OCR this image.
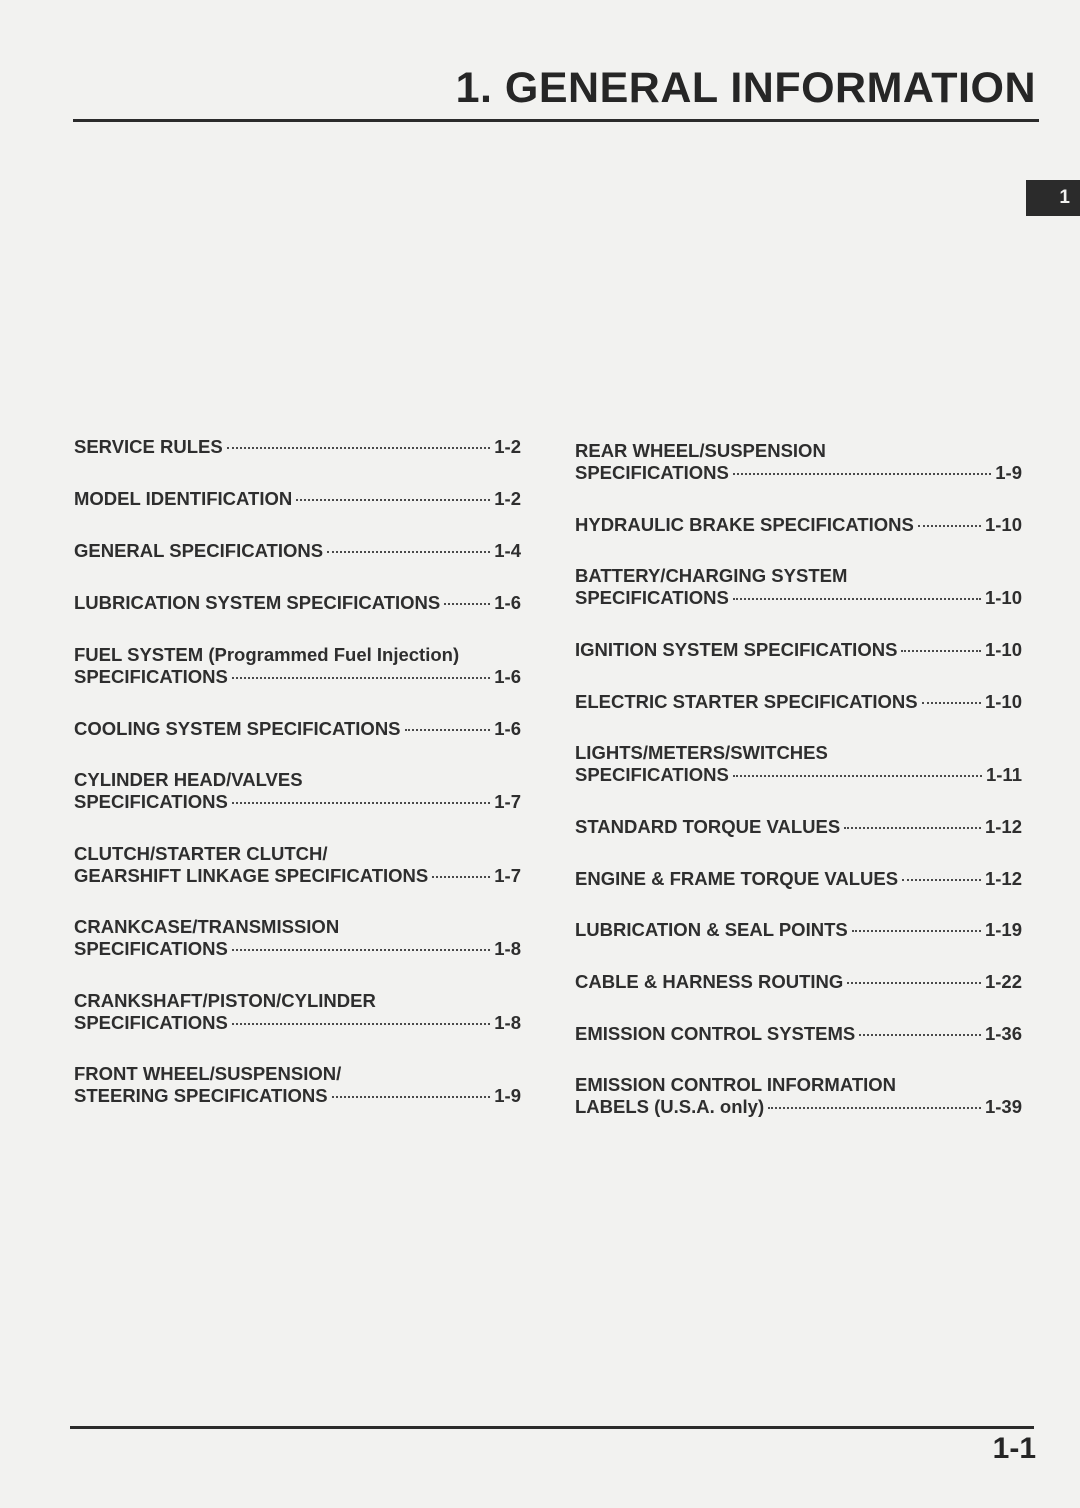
1. GENERAL INFORMATION
1
SERVICE RULES	1-2
MODEL IDENTIFICATION	1-2
GENERAL SPECIFICATIONS	1-4
LUBRICATION SYSTEM SPECIFICATIONS	1-6
FUEL SYSTEM (Programmed Fuel Injection)
SPECIFICATIONS	1-6
COOLING SYSTEM SPECIFICATIONS	1-6
CYLINDER HEAD/VALVES
SPECIFICATIONS	1-7
CLUTCH/STARTER CLUTCH/
GEARSHIFT LINKAGE SPECIFICATIONS	1-7
CRANKCASE/TRANSMISSION
SPECIFICATIONS	1-8
CRANKSHAFT/PISTON/CYLINDER
SPECIFICATIONS	1-8
FRONT WHEEL/SUSPENSION/
STEERING SPECIFICATIONS	1-9
REAR WHEEL/SUSPENSION
SPECIFICATIONS	1-9
HYDRAULIC BRAKE SPECIFICATIONS	1-10
BATTERY/CHARGING SYSTEM
SPECIFICATIONS	1-10
IGNITION SYSTEM SPECIFICATIONS	1-10
ELECTRIC STARTER SPECIFICATIONS	1-10
LIGHTS/METERS/SWITCHES
SPECIFICATIONS	1-11
STANDARD TORQUE VALUES	1-12
ENGINE & FRAME TORQUE VALUES	1-12
LUBRICATION & SEAL POINTS	1-19
CABLE & HARNESS ROUTING	1-22
EMISSION CONTROL SYSTEMS	1-36
EMISSION CONTROL INFORMATION
LABELS (U.S.A. only)	1-39
1-1
